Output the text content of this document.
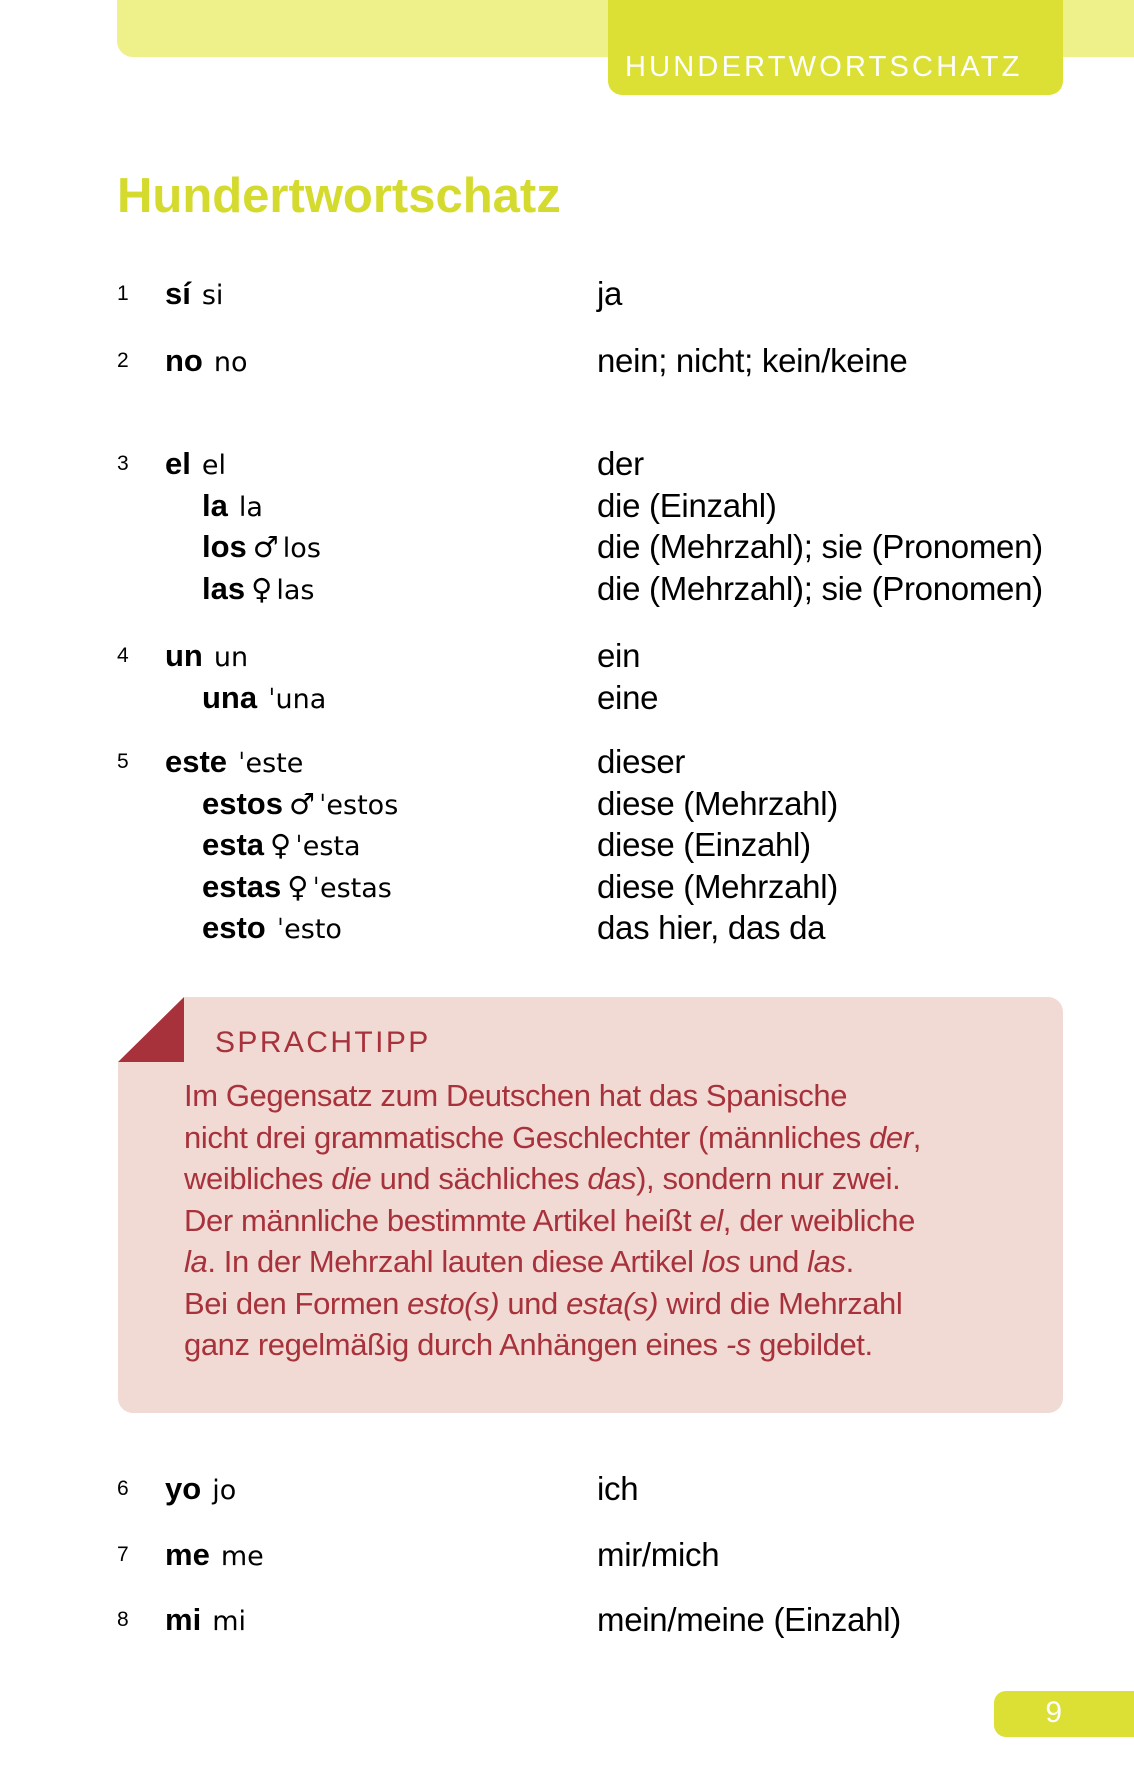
HUNDERTWORTSCHATZ
Hundertwortschatz
1 sí si	ja
2 no no	nein; nicht; kein/keine
3 el el	der
la la	die (Einzahl)
los ♂ los	die (Mehrzahl); sie (Pronomen)
las ♀ las	die (Mehrzahl); sie (Pronomen)
4 un un	ein
una ˈuna	eine
5 este ˈeste	dieser
estos ♂ ˈestos	diese (Mehrzahl)
esta ♀ ˈesta	diese (Einzahl)
estas ♀ ˈestas	diese (Mehrzahl)
esto ˈesto	das hier, das da
SPRACHTIPP
Im Gegensatz zum Deutschen hat das Spanische
nicht drei grammatische Geschlechter (männliches der,
weibliches die und sächliches das), sondern nur zwei.
Der männliche bestimmte Artikel heißt el, der weibliche
la. In der Mehrzahl lauten diese Artikel los und las.
Bei den Formen esto(s) und esta(s) wird die Mehrzahl
ganz regelmäßig durch Anhängen eines -s gebildet.
6 yo jo	ich
7 me me	mir/mich
8 mi mi	mein/meine (Einzahl)
9
